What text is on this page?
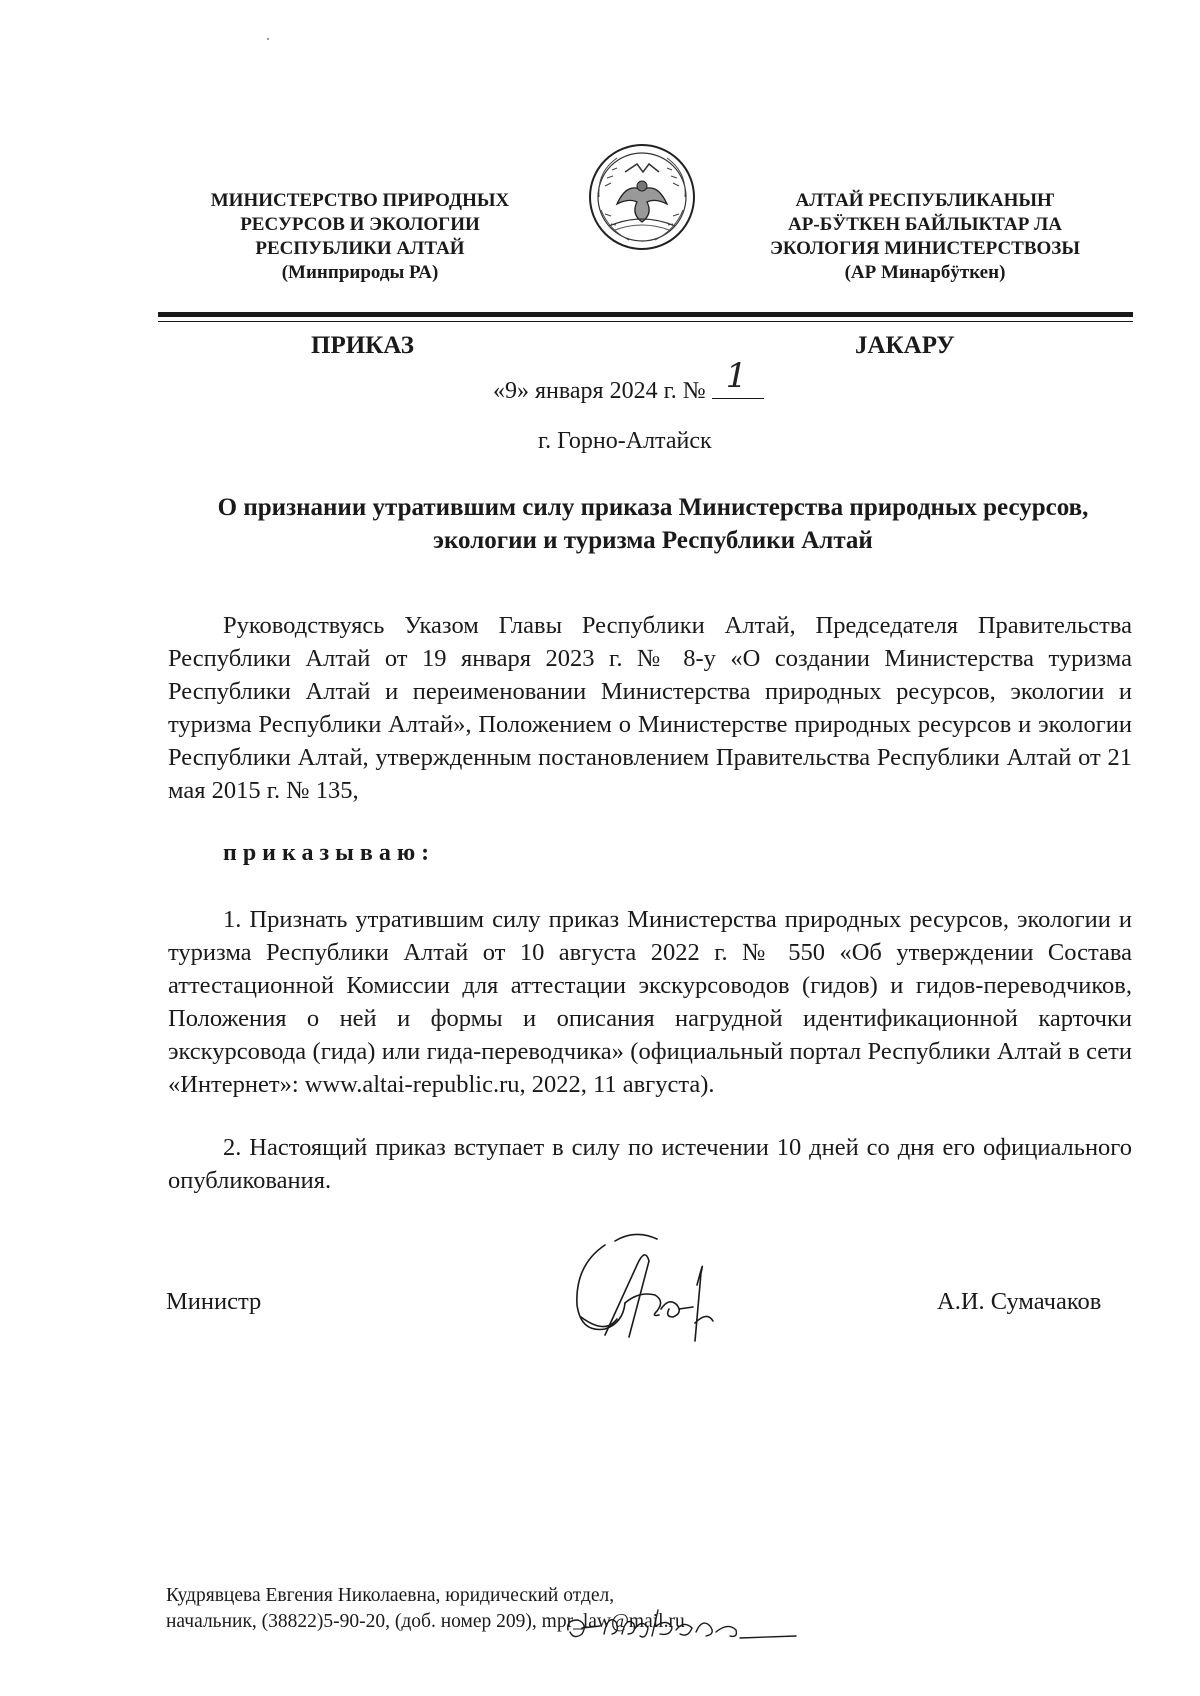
МИНИСТЕРСТВО ПРИРОДНЫХ
РЕСУРСОВ И ЭКОЛОГИИ
РЕСПУБЛИКИ АЛТАЙ
(Минприроды РА)
АЛТАЙ РЕСПУБЛИКАНЫҤ
АР-БӰТКЕН БАЙЛЫКТАР ЛА
ЭКОЛОГИЯ МИНИСТЕРСТВОЗЫ
(АР Минарбӱткен)
ПРИКАЗ	ЈАКАРУ
«9» января 2024 г. № 1
г. Горно-Алтайск
О признании утратившим силу приказа Министерства природных ресурсов, экологии и туризма Республики Алтай
Руководствуясь Указом Главы Республики Алтай, Председателя Правительства Республики Алтай от 19 января 2023 г. № 8-у «О создании Министерства туризма Республики Алтай и переименовании Министерства природных ресурсов, экологии и туризма Республики Алтай», Положением о Министерстве природных ресурсов и экологии Республики Алтай, утвержденным постановлением Правительства Республики Алтай от 21 мая 2015 г. № 135,
приказываю:
1. Признать утратившим силу приказ Министерства природных ресурсов, экологии и туризма Республики Алтай от 10 августа 2022 г. № 550 «Об утверждении Состава аттестационной Комиссии для аттестации экскурсоводов (гидов) и гидов-переводчиков, Положения о ней и формы и описания нагрудной идентификационной карточки экскурсовода (гида) или гида-переводчика» (официальный портал Республики Алтай в сети «Интернет»: www.altai-republic.ru, 2022, 11 августа).
2. Настоящий приказ вступает в силу по истечении 10 дней со дня его официального опубликования.
Министр	А.И. Сумачаков
Кудрявцева Евгения Николаевна, юридический отдел,
начальник, (38822)5-90-20, (доб. номер 209), mpr_law@mail.ru
